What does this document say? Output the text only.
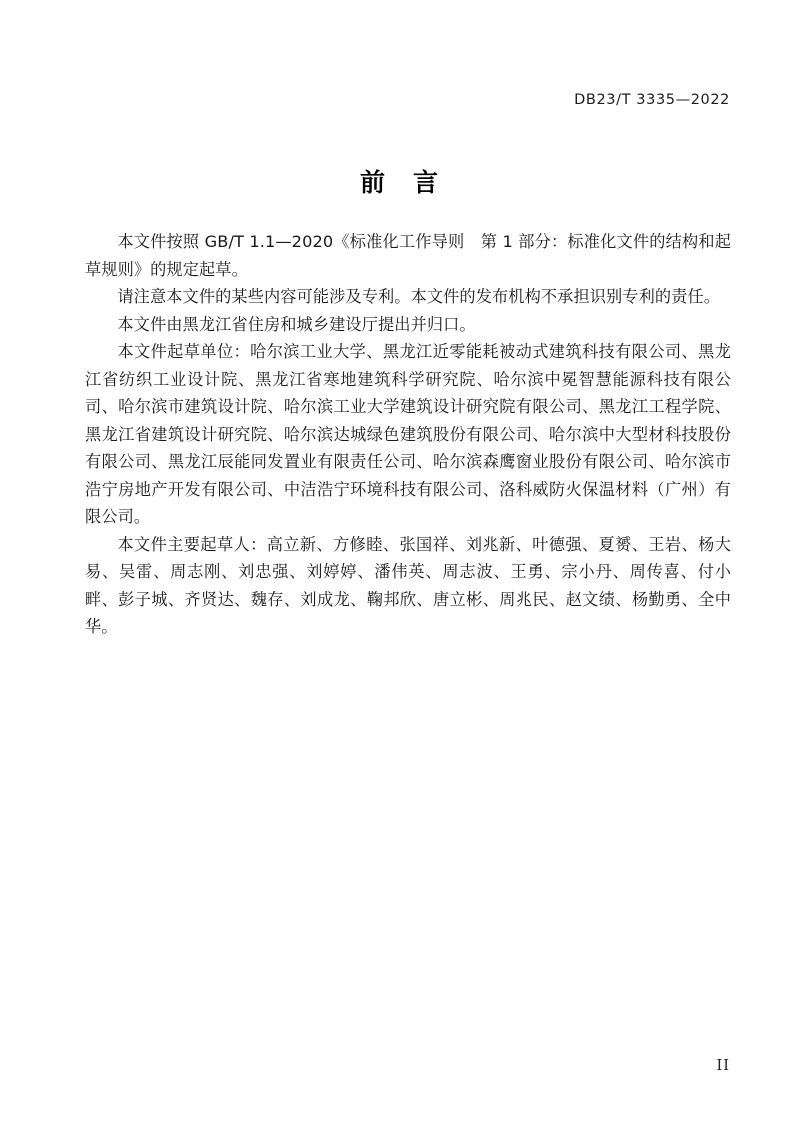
DB23/T 3335—2022
前 言

本文件按照 GB/T 1.1—2020《标准化工作导则　第 1 部分：标准化文件的结构和起草规则》的规定起草。

请注意本文件的某些内容可能涉及专利。本文件的发布机构不承担识别专利的责任。

本文件由黑龙江省住房和城乡建设厅提出并归口。

本文件起草单位：哈尔滨工业大学、黑龙江近零能耗被动式建筑科技有限公司、黑龙江省纺织工业设计院、黑龙江省寒地建筑科学研究院、哈尔滨中冕智慧能源科技有限公司、哈尔滨市建筑设计院、哈尔滨工业大学建筑设计研究院有限公司、黑龙江工程学院、黑龙江省建筑设计研究院、哈尔滨达城绿色建筑股份有限公司、哈尔滨中大型材科技股份有限公司、黑龙江辰能同发置业有限责任公司、哈尔滨森鹰窗业股份有限公司、哈尔滨市浩宁房地产开发有限公司、中洁浩宁环境科技有限公司、洛科威防火保温材料（广州）有限公司。

本文件主要起草人：高立新、方修睦、张国祥、刘兆新、叶德强、夏赟、王岩、杨大易、吴雷、周志刚、刘忠强、刘婷婷、潘伟英、周志波、王勇、宗小丹、周传喜、付小畔、彭子城、齐贤达、魏存、刘成龙、鞠邦欣、唐立彬、周兆民、赵文绩、杨勤勇、全中华。

II
